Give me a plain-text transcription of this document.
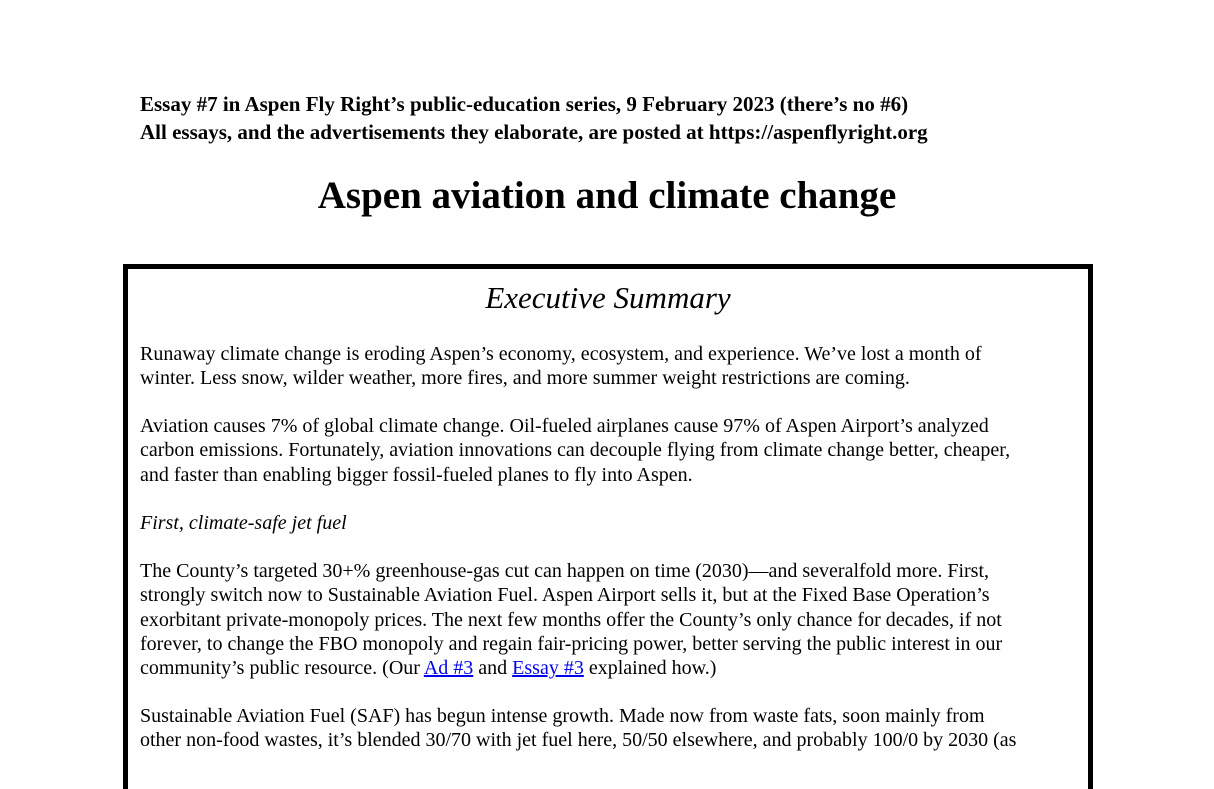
Essay #7 in Aspen Fly Right’s public-education series, 9 February 2023 (there’s no #6)
All essays, and the advertisements they elaborate, are posted at https://aspenflyright.org
Aspen aviation and climate change
Executive Summary

Runaway climate change is eroding Aspen’s economy, ecosystem, and experience. We’ve lost a month of
winter. Less snow, wilder weather, more fires, and more summer weight restrictions are coming.

Aviation causes 7% of global climate change. Oil-fueled airplanes cause 97% of Aspen Airport’s analyzed
carbon emissions. Fortunately, aviation innovations can decouple flying from climate change better, cheaper,
and faster than enabling bigger fossil-fueled planes to fly into Aspen.

First, climate-safe jet fuel

The County’s targeted 30+% greenhouse-gas cut can happen on time (2030)—and severalfold more. First,
strongly switch now to Sustainable Aviation Fuel. Aspen Airport sells it, but at the Fixed Base Operation’s
exorbitant private-monopoly prices. The next few months offer the County’s only chance for decades, if not
forever, to change the FBO monopoly and regain fair-pricing power, better serving the public interest in our
community’s public resource. (Our Ad #3 and Essay #3 explained how.)

Sustainable Aviation Fuel (SAF) has begun intense growth. Made now from waste fats, soon mainly from
other non-food wastes, it’s blended 30/70 with jet fuel here, 50/50 elsewhere, and probably 100/0 by 2030 (as
